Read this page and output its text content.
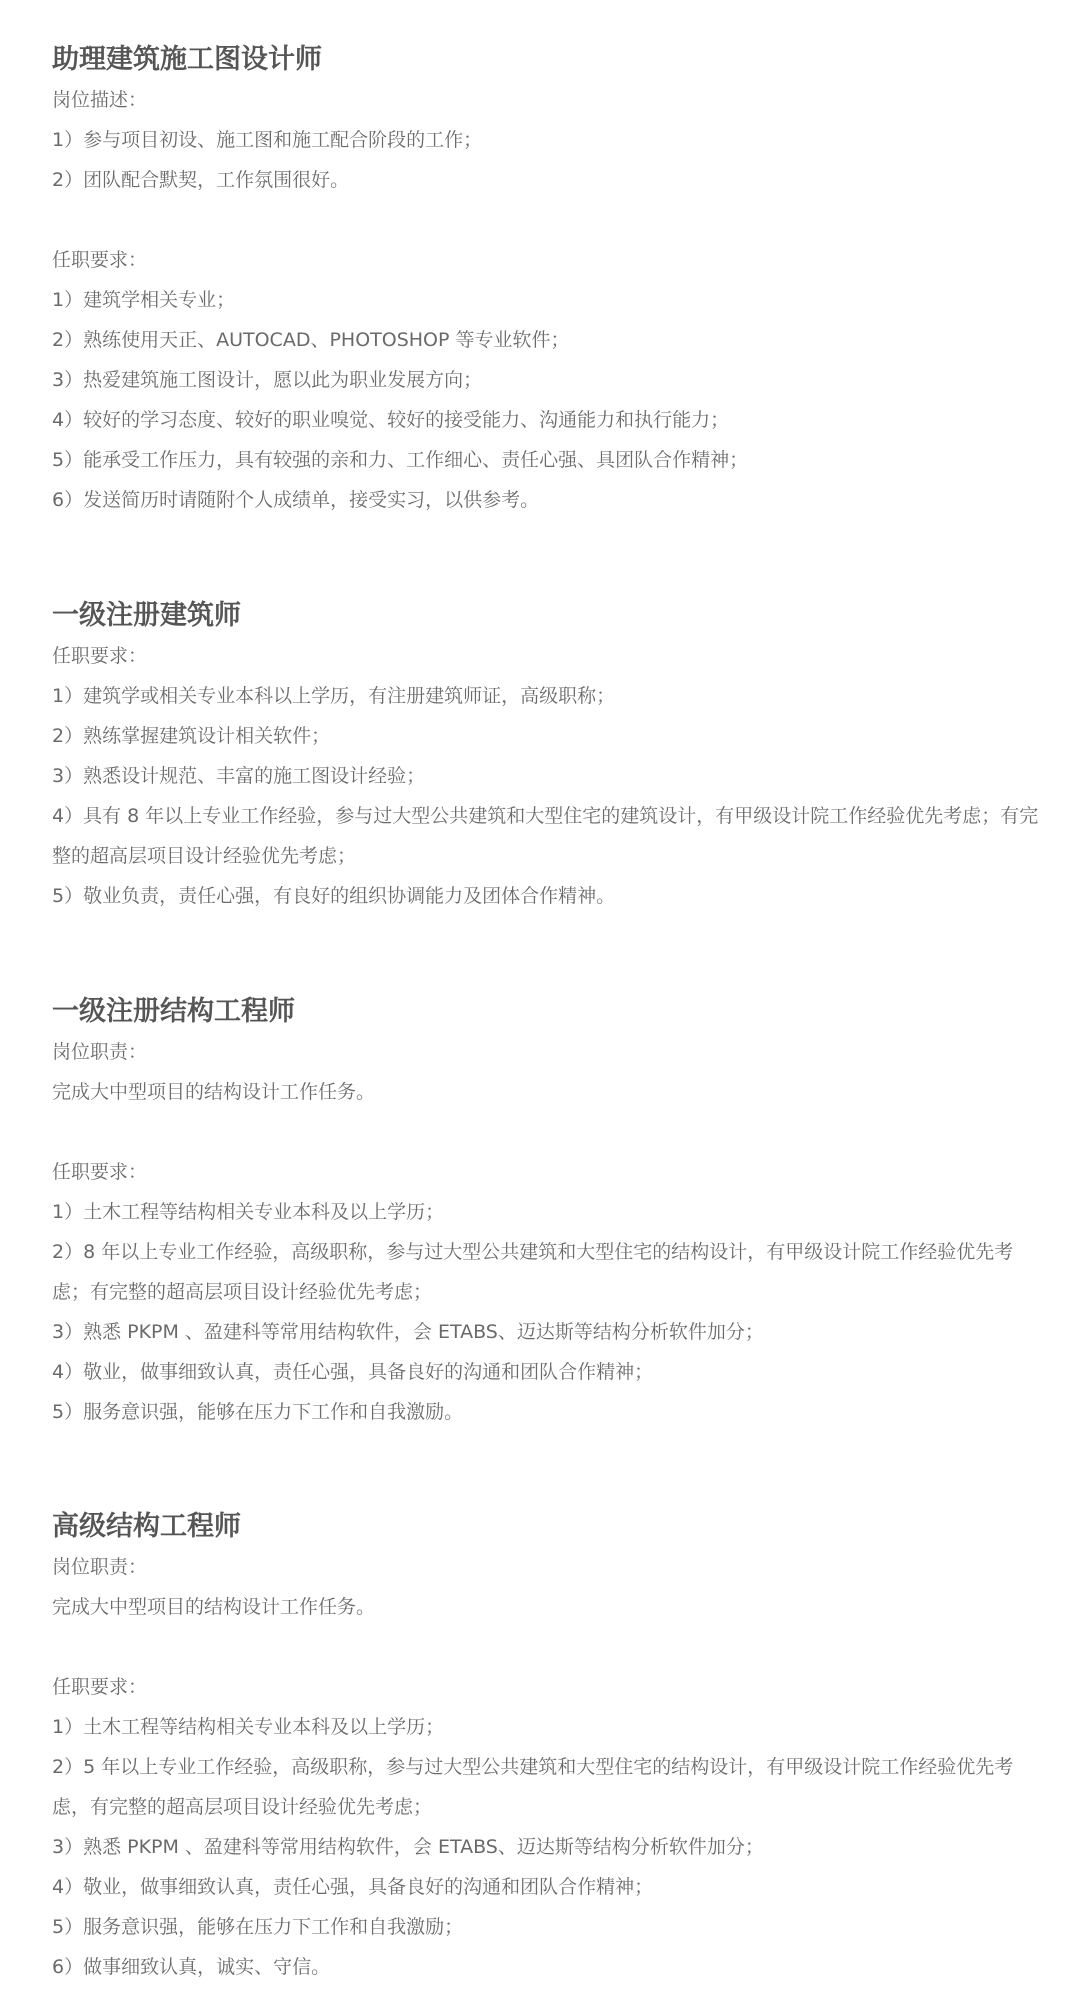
助理建筑施工图设计师
岗位描述：
1）参与项目初设、施工图和施工配合阶段的工作；
2）团队配合默契，工作氛围很好。
任职要求：
1）建筑学相关专业；
2）熟练使用天正、AUTOCAD、PHOTOSHOP 等专业软件；
3）热爱建筑施工图设计，愿以此为职业发展方向；
4）较好的学习态度、较好的职业嗅觉、较好的接受能力、沟通能力和执行能力；
5）能承受工作压力，具有较强的亲和力、工作细心、责任心强、具团队合作精神；
6）发送简历时请随附个人成绩单，接受实习，以供参考。
一级注册建筑师
任职要求：
1）建筑学或相关专业本科以上学历，有注册建筑师证，高级职称；
2）熟练掌握建筑设计相关软件；
3）熟悉设计规范、丰富的施工图设计经验；
4）具有 8 年以上专业工作经验，参与过大型公共建筑和大型住宅的建筑设计，有甲级设计院工作经验优先考虑；有完整的超高层项目设计经验优先考虑；
5）敬业负责，责任心强，有良好的组织协调能力及团体合作精神。
一级注册结构工程师
岗位职责：
完成大中型项目的结构设计工作任务。
任职要求：
1）土木工程等结构相关专业本科及以上学历；
2）8 年以上专业工作经验，高级职称，参与过大型公共建筑和大型住宅的结构设计，有甲级设计院工作经验优先考虑；有完整的超高层项目设计经验优先考虑；
3）熟悉 PKPM 、盈建科等常用结构软件，会 ETABS、迈达斯等结构分析软件加分；
4）敬业，做事细致认真，责任心强，具备良好的沟通和团队合作精神；
5）服务意识强，能够在压力下工作和自我激励。
高级结构工程师
岗位职责：
完成大中型项目的结构设计工作任务。
任职要求：
1）土木工程等结构相关专业本科及以上学历；
2）5 年以上专业工作经验，高级职称，参与过大型公共建筑和大型住宅的结构设计，有甲级设计院工作经验优先考虑，有完整的超高层项目设计经验优先考虑；
3）熟悉 PKPM 、盈建科等常用结构软件，会 ETABS、迈达斯等结构分析软件加分；
4）敬业，做事细致认真，责任心强，具备良好的沟通和团队合作精神；
5）服务意识强，能够在压力下工作和自我激励；
6）做事细致认真，诚实、守信。
